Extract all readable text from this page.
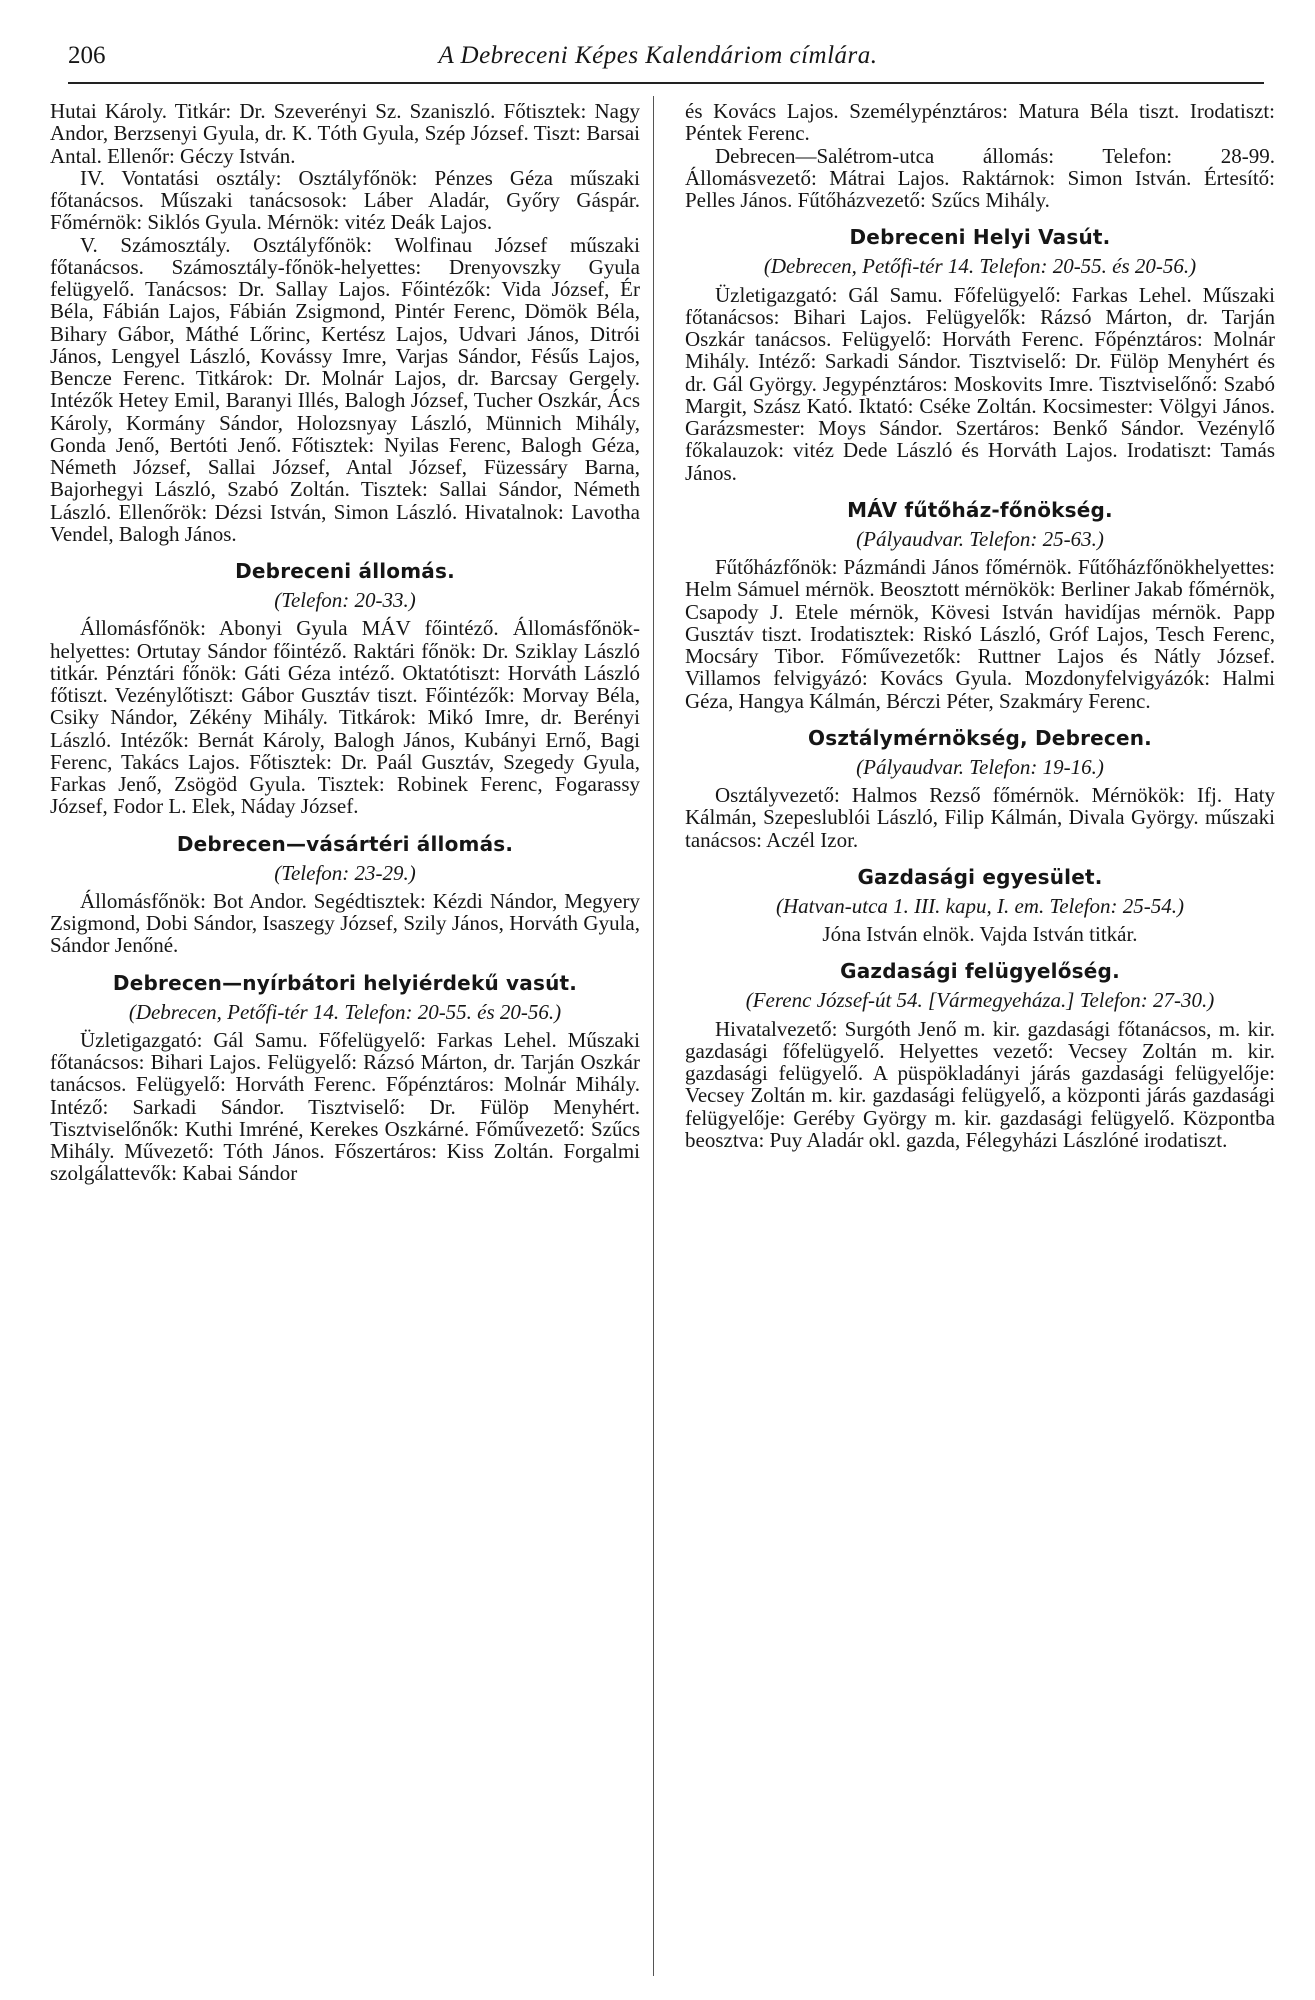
206	A Debreceni Képes Kalendáriom címlára.

Hutai Károly. Titkár: Dr. Szeverényi Sz. Szaniszló. Főtisztek: Nagy Andor, Berzsenyi Gyula, dr. K. Tóth Gyula, Szép József. Tiszt: Barsai Antal. Ellenőr: Géczy István.

IV. Vontatási osztály: Osztályfőnök: Pénzes Géza műszaki főtanácsos. Műszaki tanácsosok: Láber Aladár, Győry Gáspár. Főmérnök: Siklós Gyula. Mérnök: vitéz Deák Lajos.

V. Számosztály. Osztályfőnök: Wolfinau József műszaki főtanácsos. Számosztály-főnök-helyettes: Drenyovszky Gyula felügyelő. Tanácsos: Dr. Sallay Lajos. Főintézők: Vida József, Ér Béla, Fábián Lajos, Fábián Zsigmond, Pintér Ferenc, Dömök Béla, Bihary Gábor, Máthé Lőrinc, Kertész Lajos, Udvari János, Ditrói János, Lengyel László, Kovássy Imre, Varjas Sándor, Fésűs Lajos, Bencze Ferenc. Titkárok: Dr. Molnár Lajos, dr. Barcsay Gergely. Intézők Hetey Emil, Baranyi Illés, Balogh József, Tucher Oszkár, Ács Károly, Kormány Sándor, Holozsnyay László, Münnich Mihály, Gonda Jenő, Bertóti Jenő. Főtisztek: Nyilas Ferenc, Balogh Géza, Németh József, Sallai József, Antal József, Füzessáry Barna, Bajorhegyi László, Szabó Zoltán. Tisztek: Sallai Sándor, Németh László. Ellenőrök: Dézsi István, Simon László. Hivatalnok: Lavotha Vendel, Balogh János.

Debreceni állomás.

(Telefon: 20-33.)

Állomásfőnök: Abonyi Gyula MÁV főintéző. Állomásfőnök-helyettes: Ortutay Sándor főintéző. Raktári főnök: Dr. Sziklay László titkár. Pénztári főnök: Gáti Géza intéző. Oktatótiszt: Horváth László főtiszt. Vezénylőtiszt: Gábor Gusztáv tiszt. Főintézők: Morvay Béla, Csiky Nándor, Zékény Mihály. Titkárok: Mikó Imre, dr. Berényi László. Intézők: Bernát Károly, Balogh János, Kubányi Ernő, Bagi Ferenc, Takács Lajos. Főtisztek: Dr. Paál Gusztáv, Szegedy Gyula, Farkas Jenő, Zsögöd Gyula. Tisztek: Robinek Ferenc, Fogarassy József, Fodor L. Elek, Náday József.

Debrecen—vásártéri állomás.

(Telefon: 23-29.)

Állomásfőnök: Bot Andor. Segédtisztek: Kézdi Nándor, Megyery Zsigmond, Dobi Sándor, Isaszegy József, Szily János, Horváth Gyula, Sándor Jenőné.

Debrecen—nyírbátori helyiérdekű vasút.

(Debrecen, Petőfi-tér 14. Telefon: 20-55. és 20-56.)

Üzletigazgató: Gál Samu. Főfelügyelő: Farkas Lehel. Műszaki főtanácsos: Bihari Lajos. Felügyelő: Rázsó Márton, dr. Tarján Oszkár tanácsos. Felügyelő: Horváth Ferenc. Főpénztáros: Molnár Mihály. Intéző: Sarkadi Sándor. Tisztviselő: Dr. Fülöp Menyhért. Tisztviselőnők: Kuthi Imréné, Kerekes Oszkárné. Főművezető: Szűcs Mihály. Művezető: Tóth János. Főszertáros: Kiss Zoltán. Forgalmi szolgálattevők: Kabai Sándor

és Kovács Lajos. Személypénztáros: Matura Béla tiszt. Irodatiszt: Péntek Ferenc.

Debrecen—Salétrom-utca állomás: Telefon: 28-99. Állomásvezető: Mátrai Lajos. Raktárnok: Simon István. Értesítő: Pelles János. Fűtőházvezető: Szűcs Mihály.

Debreceni Helyi Vasút.

(Debrecen, Petőfi-tér 14. Telefon: 20-55. és 20-56.)

Üzletigazgató: Gál Samu. Főfelügyelő: Farkas Lehel. Műszaki főtanácsos: Bihari Lajos. Felügyelők: Rázsó Márton, dr. Tarján Oszkár tanácsos. Felügyelő: Horváth Ferenc. Főpénztáros: Molnár Mihály. Intéző: Sarkadi Sándor. Tisztviselő: Dr. Fülöp Menyhért és dr. Gál György. Jegypénztáros: Moskovits Imre. Tisztviselőnő: Szabó Margit, Szász Kató. Iktató: Cséke Zoltán. Kocsimester: Völgyi János. Garázsmester: Moys Sándor. Szertáros: Benkő Sándor. Vezénylő főkalauzok: vitéz Dede László és Horváth Lajos. Irodatiszt: Tamás János.

MÁV fűtőház-főnökség.

(Pályaudvar. Telefon: 25-63.)

Fűtőházfőnök: Pázmándi János főmérnök. Fűtőházfőnökhelyettes: Helm Sámuel mérnök. Beosztott mérnökök: Berliner Jakab főmérnök, Csapody J. Etele mérnök, Kövesi István havidíjas mérnök. Papp Gusztáv tiszt. Irodatisztek: Riskó László, Gróf Lajos, Tesch Ferenc, Mocsáry Tibor. Főművezetők: Ruttner Lajos és Nátly József. Villamos felvigyázó: Kovács Gyula. Mozdonyfelvigyázók: Halmi Géza, Hangya Kálmán, Bérczi Péter, Szakmáry Ferenc.

Osztálymérnökség, Debrecen.

(Pályaudvar. Telefon: 19-16.)

Osztályvezető: Halmos Rezső főmérnök. Mérnökök: Ifj. Haty Kálmán, Szepeslublói László, Filip Kálmán, Divala György. műszaki tanácsos: Aczél Izor.

Gazdasági egyesület.

(Hatvan-utca 1. III. kapu, I. em. Telefon: 25-54.)

Jóna István elnök. Vajda István titkár.

Gazdasági felügyelőség.

(Ferenc József-út 54. [Vármegyeháza.] Telefon: 27-30.)

Hivatalvezető: Surgóth Jenő m. kir. gazdasági főtanácsos, m. kir. gazdasági főfelügyelő. Helyettes vezető: Vecsey Zoltán m. kir. gazdasági felügyelő. A püspökladányi járás gazdasági felügyelője: Vecsey Zoltán m. kir. gazdasági felügyelő, a központi járás gazdasági felügyelője: Geréby György m. kir. gazdasági felügyelő. Központba beosztva: Puy Aladár okl. gazda, Félegyházi Lászlóné irodatiszt.
